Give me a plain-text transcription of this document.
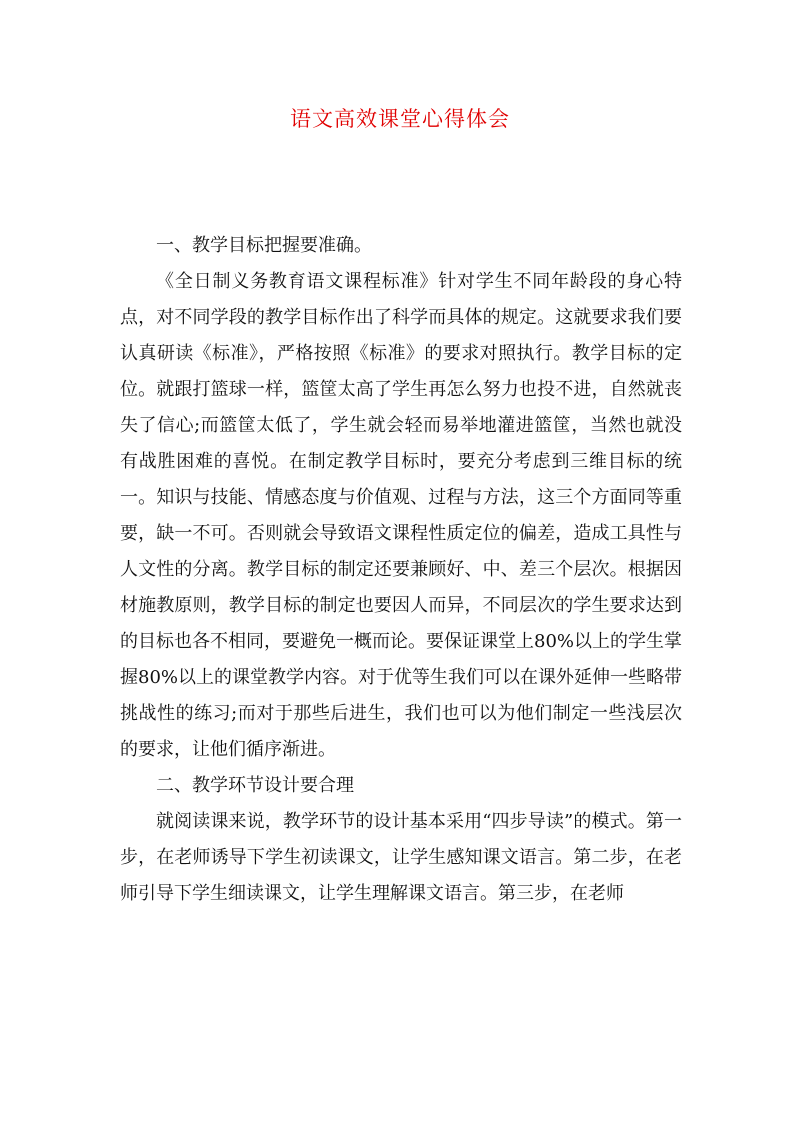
语文高效课堂心得体会

一、教学目标把握要准确。

《全日制义务教育语文课程标准》针对学生不同年龄段的身心特点，对不同学段的教学目标作出了科学而具体的规定。这就要求我们要认真研读《标准》，严格按照《标准》的要求对照执行。教学目标的定位。就跟打篮球一样，篮筐太高了学生再怎么努力也投不进，自然就丧失了信心;而篮筐太低了，学生就会轻而易举地灌进篮筐，当然也就没有战胜困难的喜悦。在制定教学目标时，要充分考虑到三维目标的统一。知识与技能、情感态度与价值观、过程与方法，这三个方面同等重要，缺一不可。否则就会导致语文课程性质定位的偏差，造成工具性与人文性的分离。教学目标的制定还要兼顾好、中、差三个层次。根据因材施教原则，教学目标的制定也要因人而异，不同层次的学生要求达到的目标也各不相同，要避免一概而论。要保证课堂上80%以上的学生掌握80%以上的课堂教学内容。对于优等生我们可以在课外延伸一些略带挑战性的练习;而对于那些后进生，我们也可以为他们制定一些浅层次的要求，让他们循序渐进。

二、教学环节设计要合理

就阅读课来说，教学环节的设计基本采用“四步导读”的模式。第一步，在老师诱导下学生初读课文，让学生感知课文语言。第二步，在老师引导下学生细读课文，让学生理解课文语言。第三步，在老师
